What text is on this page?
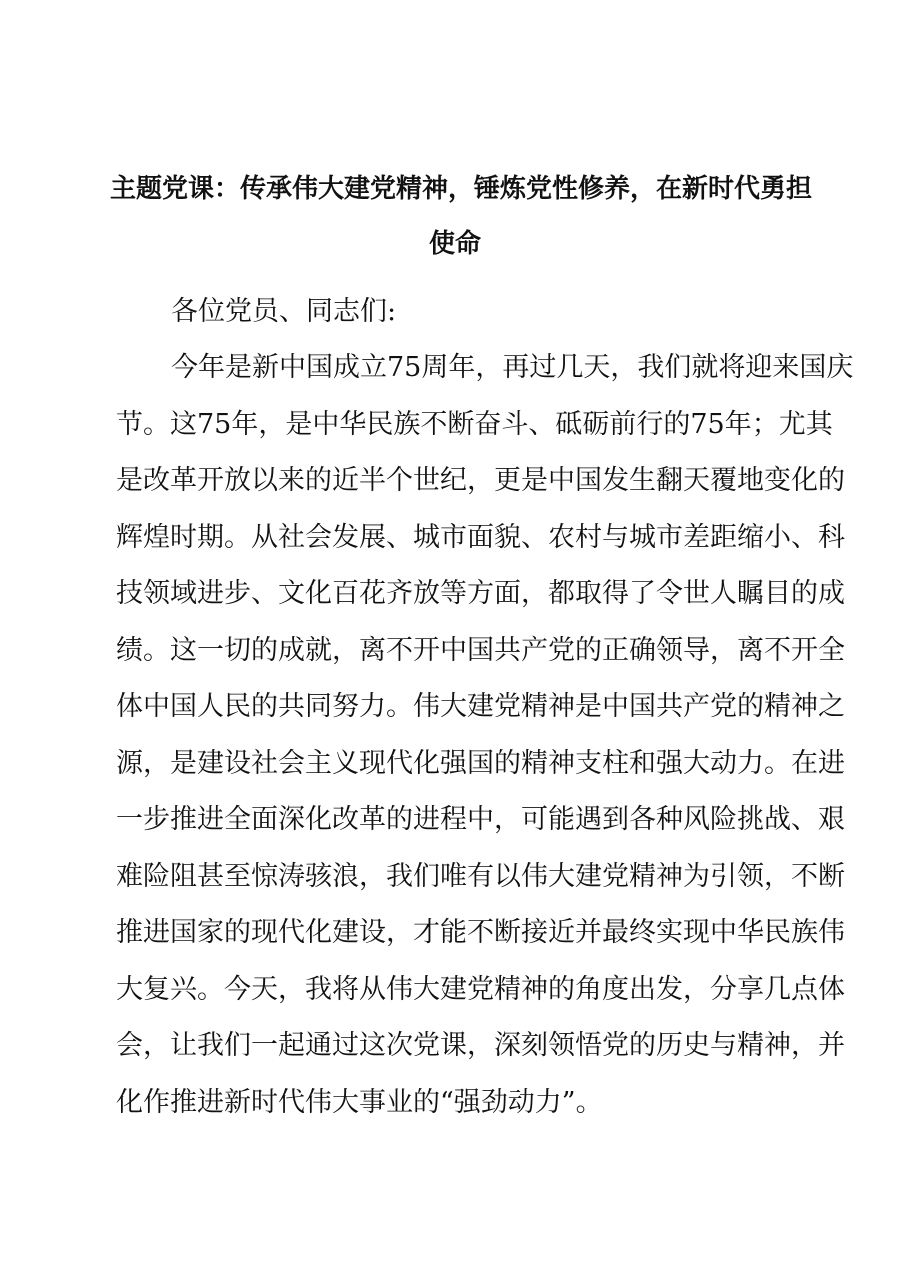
主题党课：传承伟大建党精神，锤炼党性修养，在新时代勇担
使命
各位党员、同志们:
今年是新中国成立75周年，再过几天，我们就将迎来国庆
节。这75年，是中华民族不断奋斗、砥砺前行的75年；尤其
是改革开放以来的近半个世纪，更是中国发生翻天覆地变化的
辉煌时期。从社会发展、城市面貌、农村与城市差距缩小、科
技领域进步、文化百花齐放等方面，都取得了令世人瞩目的成
绩。这一切的成就，离不开中国共产党的正确领导，离不开全
体中国人民的共同努力。伟大建党精神是中国共产党的精神之
源，是建设社会主义现代化强国的精神支柱和强大动力。在进
一步推进全面深化改革的进程中，可能遇到各种风险挑战、艰
难险阻甚至惊涛骇浪，我们唯有以伟大建党精神为引领，不断
推进国家的现代化建设，才能不断接近并最终实现中华民族伟
大复兴。今天，我将从伟大建党精神的角度出发，分享几点体
会，让我们一起通过这次党课，深刻领悟党的历史与精神，并
化作推进新时代伟大事业的“强劲动力”。
